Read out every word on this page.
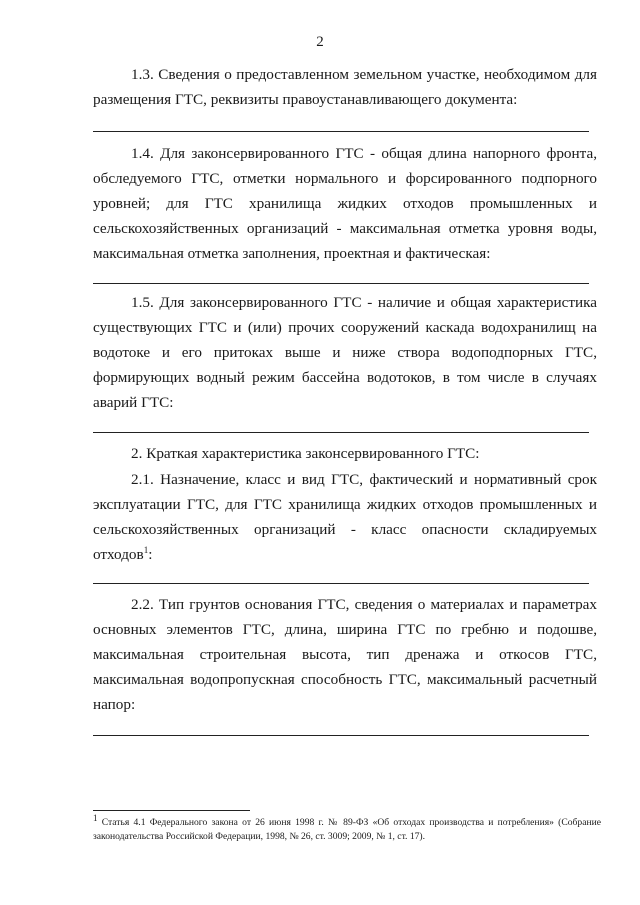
2

1.3. Сведения о предоставленном земельном участке, необходимом для размещения ГТС, реквизиты правоустанавливающего документа:

1.4. Для законсервированного ГТС - общая длина напорного фронта, обследуемого ГТС, отметки нормального и форсированного подпорного уровней; для ГТС хранилища жидких отходов промышленных и сельскохозяйственных организаций - максимальная отметка уровня воды, максимальная отметка заполнения, проектная и фактическая:

1.5. Для законсервированного ГТС - наличие и общая характеристика существующих ГТС и (или) прочих сооружений каскада водохранилищ на водотоке и его притоках выше и ниже створа водоподпорных ГТС, формирующих водный режим бассейна водотоков, в том числе в случаях аварий ГТС:

2. Краткая характеристика законсервированного ГТС:

2.1. Назначение, класс и вид ГТС, фактический и нормативный срок эксплуатации ГТС, для ГТС хранилища жидких отходов промышленных и сельскохозяйственных организаций - класс опасности складируемых отходов$^1$:

2.2. Тип грунтов основания ГТС, сведения о материалах и параметрах основных элементов ГТС, длина, ширина ГТС по гребню и подошве, максимальная строительная высота, тип дренажа и откосов ГТС, максимальная водопропускная способность ГТС, максимальный расчетный напор:

$^1$ Статья 4.1 Федерального закона от 26 июня 1998 г. № 89-ФЗ «Об отходах производства и потребления» (Собрание законодательства Российской Федерации, 1998, № 26, ст. 3009; 2009, № 1, ст. 17).
